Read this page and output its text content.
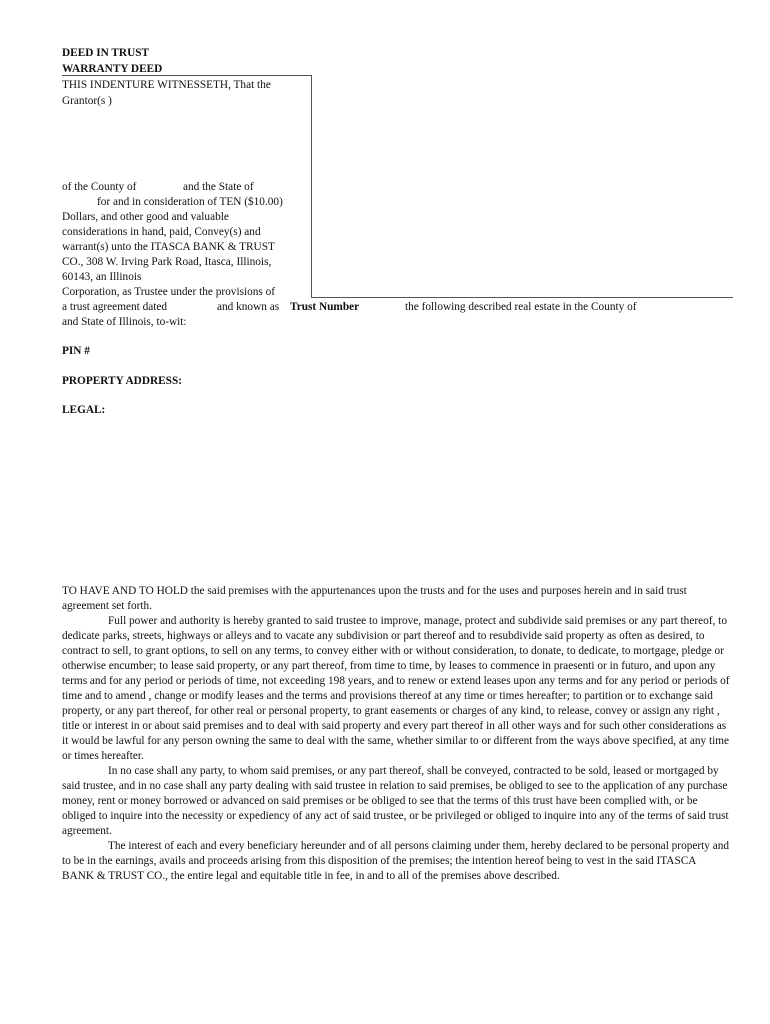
DEED IN TRUST
WARRANTY DEED
THIS INDENTURE WITNESSETH, That the
Grantor(s )
of the County of	and the State of
for and in consideration of TEN ($10.00)
Dollars, and other good and valuable
considerations in hand, paid, Convey(s) and
warrant(s) unto the ITASCA BANK & TRUST
CO., 308 W. Irving Park Road, Itasca, Illinois,
60143, an Illinois
Corporation, as Trustee under the provisions of
a trust agreement dated	and known as Trust Number	the following described real estate in the County of
and State of Illinois, to-wit:
PIN #
PROPERTY ADDRESS:
LEGAL:

TO HAVE AND TO HOLD the said premises with the appurtenances upon the trusts and for the uses and purposes herein and in said trust agreement set forth.

Full power and authority is hereby granted to said trustee to improve, manage, protect and subdivide said premises or any part thereof, to dedicate parks, streets, highways or alleys and to vacate any subdivision or part thereof and to resubdivide said property as often as desired, to contract to sell, to grant options, to sell on any terms, to convey either with or without consideration, to donate, to dedicate, to mortgage, pledge or otherwise encumber; to lease said property, or any part thereof, from time to time, by leases to commence in praesenti or in futuro, and upon any terms and for any period or periods of time, not exceeding 198 years, and to renew or extend leases upon any terms and for any period or periods of time and to amend , change or modify leases and the terms and provisions thereof at any time or times hereafter; to partition or to exchange said property, or any part thereof, for other real or personal property, to grant easements or charges of any kind, to release, convey or assign any right , title or interest in or about said premises and to deal with said property and every part thereof in all other ways and for such other considerations as it would be lawful for any person owning the same to deal with the same, whether similar to or different from the ways above specified, at any time or times hereafter.

In no case shall any party, to whom said premises, or any part thereof, shall be conveyed, contracted to be sold, leased or mortgaged by said trustee, and in no case shall any party dealing with said trustee in relation to said premises, be obliged to see to the application of any purchase money, rent or money borrowed or advanced on said premises or be obliged to see that the terms of this trust have been complied with, or be obliged to inquire into the necessity or expediency of any act of said trustee, or be privileged or obliged to inquire into any of the terms of said trust agreement.

The interest of each and every beneficiary hereunder and of all persons claiming under them, hereby declared to be personal property and to be in the earnings, avails and proceeds arising from this disposition of the premises; the intention hereof being to vest in the said ITASCA BANK & TRUST CO., the entire legal and equitable title in fee, in and to all of the premises above described.
